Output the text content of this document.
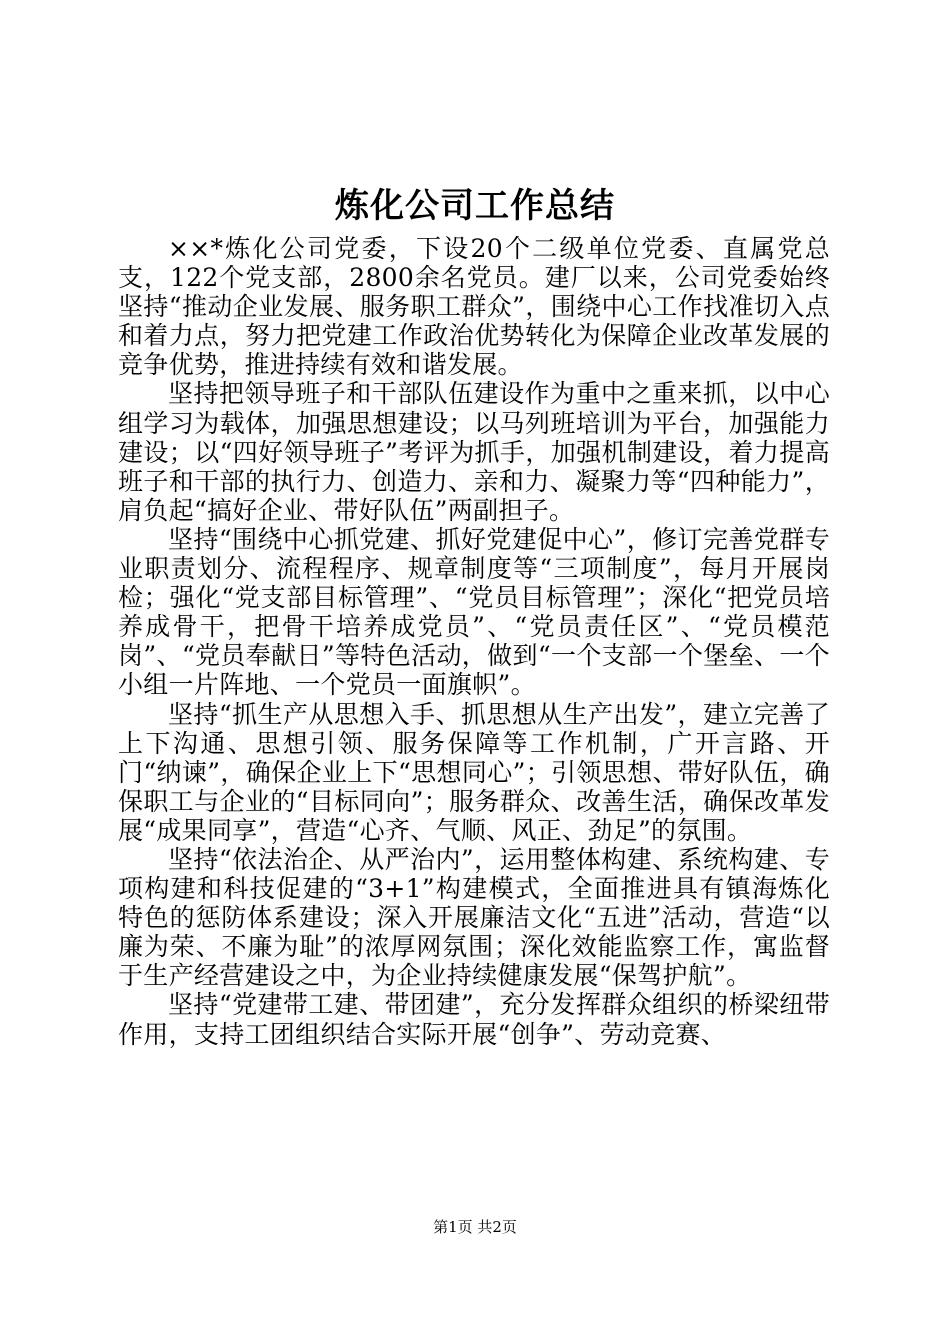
炼化公司工作总结

××*炼化公司党委，下设20个二级单位党委、直属党总支，122个党支部，2800余名党员。建厂以来，公司党委始终坚持“推动企业发展、服务职工群众”，围绕中心工作找准切入点和着力点，努力把党建工作政治优势转化为保障企业改革发展的竞争优势，推进持续有效和谐发展。

坚持把领导班子和干部队伍建设作为重中之重来抓，以中心组学习为载体，加强思想建设；以马列班培训为平台，加强能力建设；以“四好领导班子”考评为抓手，加强机制建设，着力提高班子和干部的执行力、创造力、亲和力、凝聚力等“四种能力”，肩负起“搞好企业、带好队伍”两副担子。

坚持“围绕中心抓党建、抓好党建促中心”，修订完善党群专业职责划分、流程程序、规章制度等“三项制度”，每月开展岗检；强化“党支部目标管理”、“党员目标管理”；深化“把党员培养成骨干，把骨干培养成党员”、“党员责任区”、“党员模范岗”、“党员奉献日”等特色活动，做到“一个支部一个堡垒、一个小组一片阵地、一个党员一面旗帜”。

坚持“抓生产从思想入手、抓思想从生产出发”，建立完善了上下沟通、思想引领、服务保障等工作机制，广开言路、开门“纳谏”，确保企业上下“思想同心”；引领思想、带好队伍，确保职工与企业的“目标同向”；服务群众、改善生活，确保改革发展“成果同享”，营造“心齐、气顺、风正、劲足”的氛围。

坚持“依法治企、从严治内”，运用整体构建、系统构建、专项构建和科技促建的“3+1”构建模式，全面推进具有镇海炼化特色的惩防体系建设；深入开展廉洁文化“五进”活动，营造“以廉为荣、不廉为耻”的浓厚网氛围；深化效能监察工作，寓监督于生产经营建设之中，为企业持续健康发展“保驾护航”。

坚持“党建带工建、带团建”，充分发挥群众组织的桥梁纽带作用，支持工团组织结合实际开展“创争”、劳动竞赛、

第1页 共2页
